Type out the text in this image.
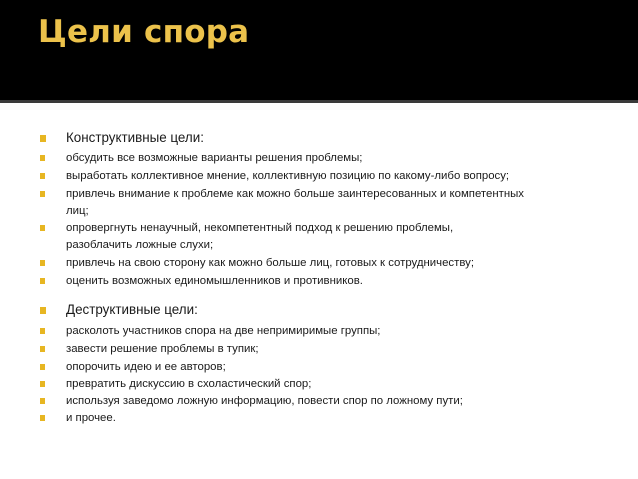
Цели спора
Конструктивные цели:
обсудить все возможные варианты решения проблемы;
выработать коллективное мнение, коллективную позицию по какому-либо вопросу;
привлечь внимание к проблеме как можно больше заинтересованных и компетентных
лиц;
опровергнуть ненаучный, некомпетентный подход к решению проблемы,
разоблачить ложные слухи;
привлечь на свою сторону как можно больше лиц, готовых к сотрудничеству;
оценить возможных единомышленников и противников.
Деструктивные цели:
расколоть участников спора на две непримиримые группы;
завести решение проблемы в тупик;
опорочить идею и ее авторов;
превратить дискуссию в схоластический спор;
используя заведомо ложную информацию, повести спор по ложному пути;
и прочее.
